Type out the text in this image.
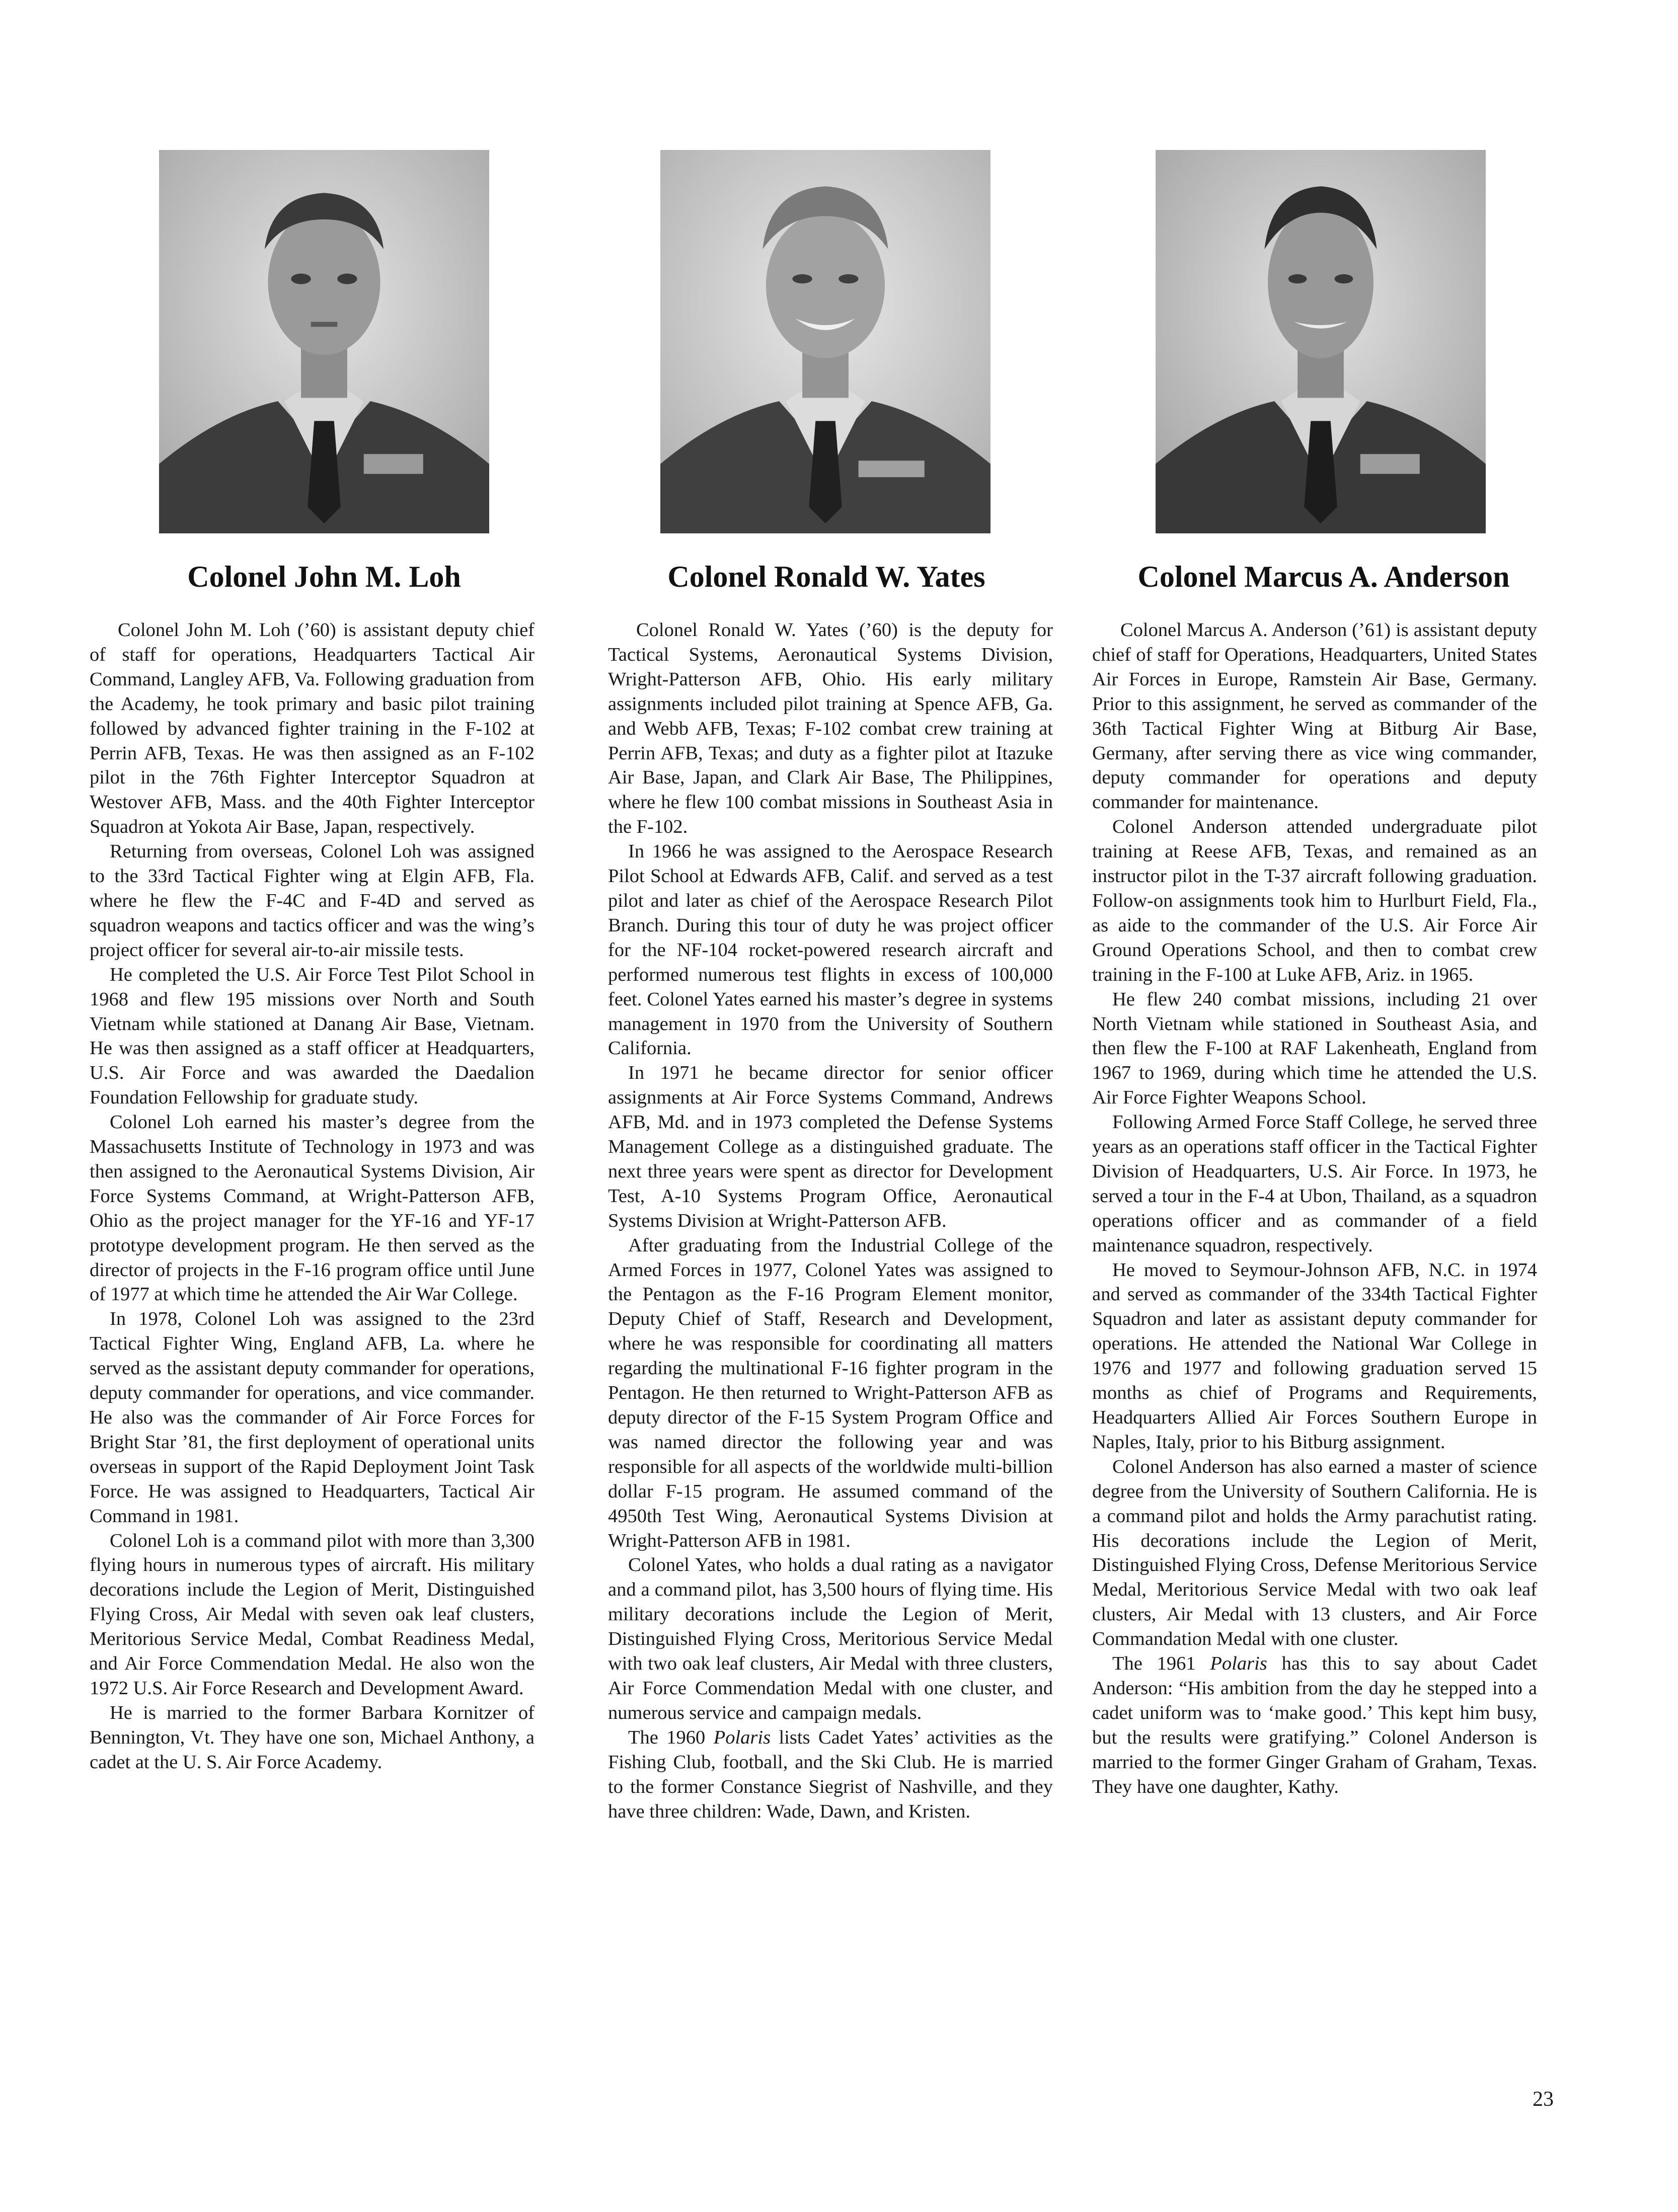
Colonel John M. Loh	Colonel Ronald W. Yates	Colonel Marcus A. Anderson

Colonel John M. Loh (’60) is assistant deputy chief of staff for operations, Headquarters Tactical Air Command, Langley AFB, Va. Following graduation from the Academy, he took primary and basic pilot training followed by advanced fighter training in the F-102 at Perrin AFB, Texas. He was then assigned as an F-102 pilot in the 76th Fighter Interceptor Squadron at Westover AFB, Mass. and the 40th Fighter Interceptor Squadron at Yokota Air Base, Japan, respectively.

Returning from overseas, Colonel Loh was assigned to the 33rd Tactical Fighter wing at Elgin AFB, Fla. where he flew the F-4C and F-4D and served as squadron weapons and tactics officer and was the wing’s project officer for several air-to-air missile tests.

He completed the U.S. Air Force Test Pilot School in 1968 and flew 195 missions over North and South Vietnam while stationed at Danang Air Base, Vietnam. He was then assigned as a staff officer at Headquarters, U.S. Air Force and was awarded the Daedalion Foundation Fellowship for graduate study.

Colonel Loh earned his master’s degree from the Massachusetts Institute of Technology in 1973 and was then assigned to the Aeronautical Systems Division, Air Force Systems Command, at Wright-Patterson AFB, Ohio as the project manager for the YF-16 and YF-17 prototype development program. He then served as the director of projects in the F-16 program office until June of 1977 at which time he attended the Air War College.

In 1978, Colonel Loh was assigned to the 23rd Tactical Fighter Wing, England AFB, La. where he served as the assistant deputy commander for operations, deputy commander for operations, and vice commander. He also was the commander of Air Force Forces for Bright Star ’81, the first deployment of operational units overseas in support of the Rapid Deployment Joint Task Force. He was assigned to Headquarters, Tactical Air Command in 1981.

Colonel Loh is a command pilot with more than 3,300 flying hours in numerous types of aircraft. His military decorations include the Legion of Merit, Distinguished Flying Cross, Air Medal with seven oak leaf clusters, Meritorious Service Medal, Combat Readiness Medal, and Air Force Commendation Medal. He also won the 1972 U.S. Air Force Research and Development Award.

He is married to the former Barbara Kornitzer of Bennington, Vt. They have one son, Michael Anthony, a cadet at the U. S. Air Force Academy.

Colonel Ronald W. Yates (’60) is the deputy for Tactical Systems, Aeronautical Systems Division, Wright-Patterson AFB, Ohio. His early military assignments included pilot training at Spence AFB, Ga. and Webb AFB, Texas; F-102 combat crew training at Perrin AFB, Texas; and duty as a fighter pilot at Itazuke Air Base, Japan, and Clark Air Base, The Philippines, where he flew 100 combat missions in Southeast Asia in the F-102.

In 1966 he was assigned to the Aerospace Research Pilot School at Edwards AFB, Calif. and served as a test pilot and later as chief of the Aerospace Research Pilot Branch. During this tour of duty he was project officer for the NF-104 rocket-powered research aircraft and performed numerous test flights in excess of 100,000 feet. Colonel Yates earned his master’s degree in systems management in 1970 from the University of Southern California.

In 1971 he became director for senior officer assignments at Air Force Systems Command, Andrews AFB, Md. and in 1973 completed the Defense Systems Management College as a distinguished graduate. The next three years were spent as director for Development Test, A-10 Systems Program Office, Aeronautical Systems Division at Wright-Patterson AFB.

After graduating from the Industrial College of the Armed Forces in 1977, Colonel Yates was assigned to the Pentagon as the F-16 Program Element monitor, Deputy Chief of Staff, Research and Development, where he was responsible for coordinating all matters regarding the multinational F-16 fighter program in the Pentagon. He then returned to Wright-Patterson AFB as deputy director of the F-15 System Program Office and was named director the following year and was responsible for all aspects of the worldwide multi-billion dollar F-15 program. He assumed command of the 4950th Test Wing, Aeronautical Systems Division at Wright-Patterson AFB in 1981.

Colonel Yates, who holds a dual rating as a navigator and a command pilot, has 3,500 hours of flying time. His military decorations include the Legion of Merit, Distinguished Flying Cross, Meritorious Service Medal with two oak leaf clusters, Air Medal with three clusters, Air Force Commendation Medal with one cluster, and numerous service and campaign medals.

The 1960 Polaris lists Cadet Yates’ activities as the Fishing Club, football, and the Ski Club. He is married to the former Constance Siegrist of Nashville, and they have three children: Wade, Dawn, and Kristen.

Colonel Marcus A. Anderson (’61) is assistant deputy chief of staff for Operations, Headquarters, United States Air Forces in Europe, Ramstein Air Base, Germany. Prior to this assignment, he served as commander of the 36th Tactical Fighter Wing at Bitburg Air Base, Germany, after serving there as vice wing commander, deputy commander for operations and deputy commander for maintenance.

Colonel Anderson attended undergraduate pilot training at Reese AFB, Texas, and remained as an instructor pilot in the T-37 aircraft following graduation. Follow-on assignments took him to Hurlburt Field, Fla., as aide to the commander of the U.S. Air Force Air Ground Operations School, and then to combat crew training in the F-100 at Luke AFB, Ariz. in 1965.

He flew 240 combat missions, including 21 over North Vietnam while stationed in Southeast Asia, and then flew the F-100 at RAF Lakenheath, England from 1967 to 1969, during which time he attended the U.S. Air Force Fighter Weapons School.

Following Armed Force Staff College, he served three years as an operations staff officer in the Tactical Fighter Division of Headquarters, U.S. Air Force. In 1973, he served a tour in the F-4 at Ubon, Thailand, as a squadron operations officer and as commander of a field maintenance squadron, respectively.

He moved to Seymour-Johnson AFB, N.C. in 1974 and served as commander of the 334th Tactical Fighter Squadron and later as assistant deputy commander for operations. He attended the National War College in 1976 and 1977 and following graduation served 15 months as chief of Programs and Requirements, Headquarters Allied Air Forces Southern Europe in Naples, Italy, prior to his Bitburg assignment.

Colonel Anderson has also earned a master of science degree from the University of Southern California. He is a command pilot and holds the Army parachutist rating. His decorations include the Legion of Merit, Distinguished Flying Cross, Defense Meritorious Service Medal, Meritorious Service Medal with two oak leaf clusters, Air Medal with 13 clusters, and Air Force Commandation Medal with one cluster.

The 1961 Polaris has this to say about Cadet Anderson: “His ambition from the day he stepped into a cadet uniform was to ‘make good.’ This kept him busy, but the results were gratifying.” Colonel Anderson is married to the former Ginger Graham of Graham, Texas. They have one daughter, Kathy.

23
